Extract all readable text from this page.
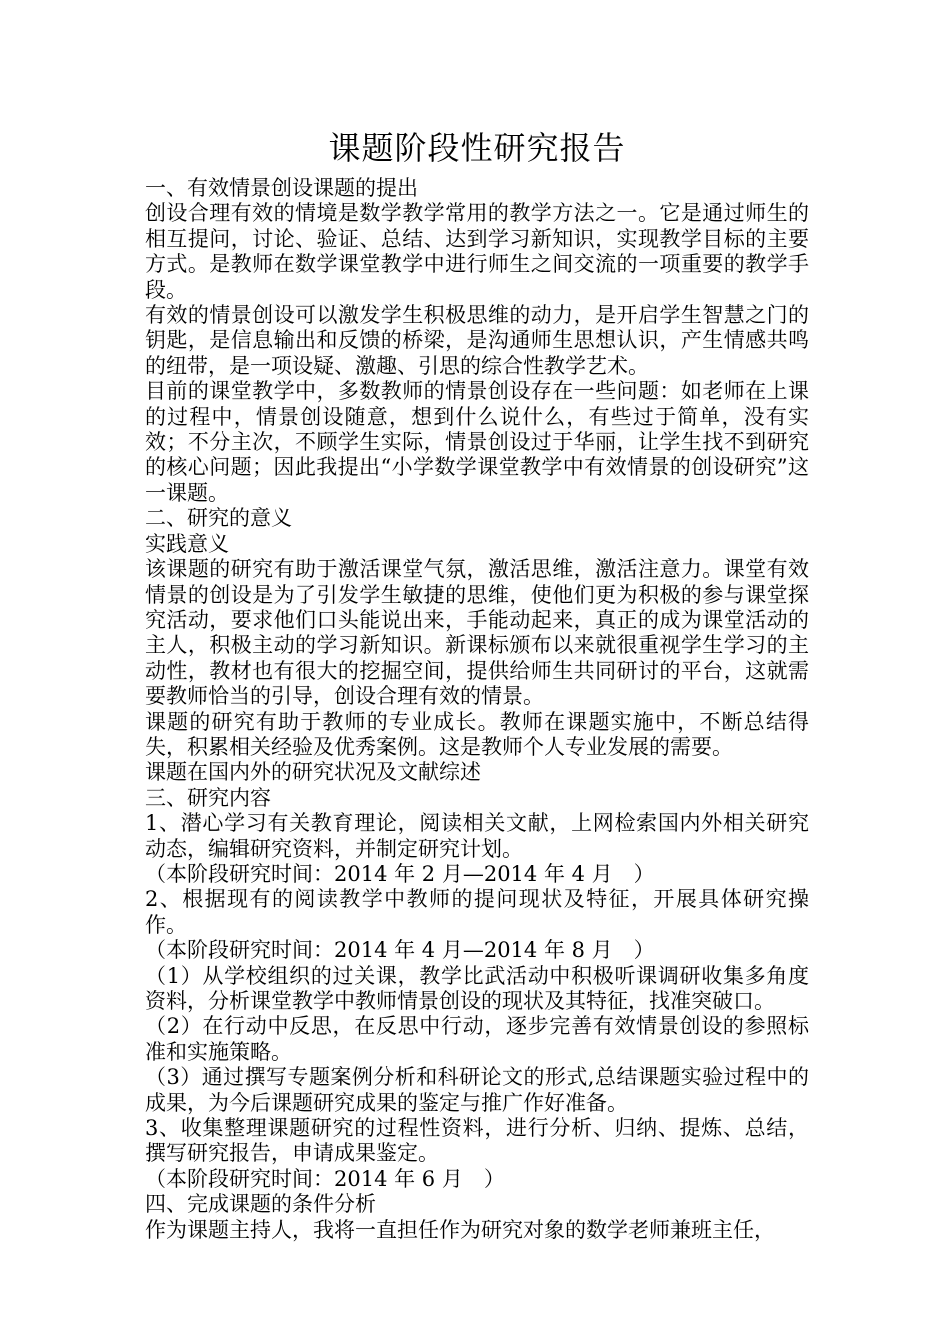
课题阶段性研究报告

一、有效情景创设课题的提出

创设合理有效的情境是数学教学常用的教学方法之一。它是通过师生的相互提问，讨论、验证、总结、达到学习新知识，实现教学目标的主要方式。是教师在数学课堂教学中进行师生之间交流的一项重要的教学手段。

有效的情景创设可以激发学生积极思维的动力，是开启学生智慧之门的钥匙，是信息输出和反馈的桥梁，是沟通师生思想认识，产生情感共鸣的纽带，是一项设疑、激趣、引思的综合性教学艺术。

目前的课堂教学中，多数教师的情景创设存在一些问题：如老师在上课的过程中，情景创设随意，想到什么说什么，有些过于简单，没有实效；不分主次，不顾学生实际，情景创设过于华丽，让学生找不到研究的核心问题；因此我提出“小学数学课堂教学中有效情景的创设研究”这一课题。

二、研究的意义

实践意义

该课题的研究有助于激活课堂气氛，激活思维，激活注意力。课堂有效情景的创设是为了引发学生敏捷的思维，使他们更为积极的参与课堂探究活动，要求他们口头能说出来，手能动起来，真正的成为课堂活动的主人，积极主动的学习新知识。新课标颁布以来就很重视学生学习的主动性，教材也有很大的挖掘空间，提供给师生共同研讨的平台，这就需要教师恰当的引导，创设合理有效的情景。

课题的研究有助于教师的专业成长。教师在课题实施中，不断总结得失，积累相关经验及优秀案例。这是教师个人专业发展的需要。

课题在国内外的研究状况及文献综述

三、研究内容

1、潜心学习有关教育理论，阅读相关文献，上网检索国内外相关研究动态，编辑研究资料，并制定研究计划。

（本阶段研究时间：2014 年 2 月—2014 年 4 月　）

2、根据现有的阅读教学中教师的提问现状及特征，开展具体研究操作。

（本阶段研究时间：2014 年 4 月—2014 年 8 月　）

（1）从学校组织的过关课，教学比武活动中积极听课调研收集多角度资料，分析课堂教学中教师情景创设的现状及其特征，找准突破口。

（2）在行动中反思，在反思中行动，逐步完善有效情景创设的参照标准和实施策略。

（3）通过撰写专题案例分析和科研论文的形式,总结课题实验过程中的成果，为今后课题研究成果的鉴定与推广作好准备。

3、收集整理课题研究的过程性资料，进行分析、归纳、提炼、总结，撰写研究报告，申请成果鉴定。

（本阶段研究时间：2014 年 6 月　）

四、完成课题的条件分析

作为课题主持人，我将一直担任作为研究对象的数学老师兼班主任，
